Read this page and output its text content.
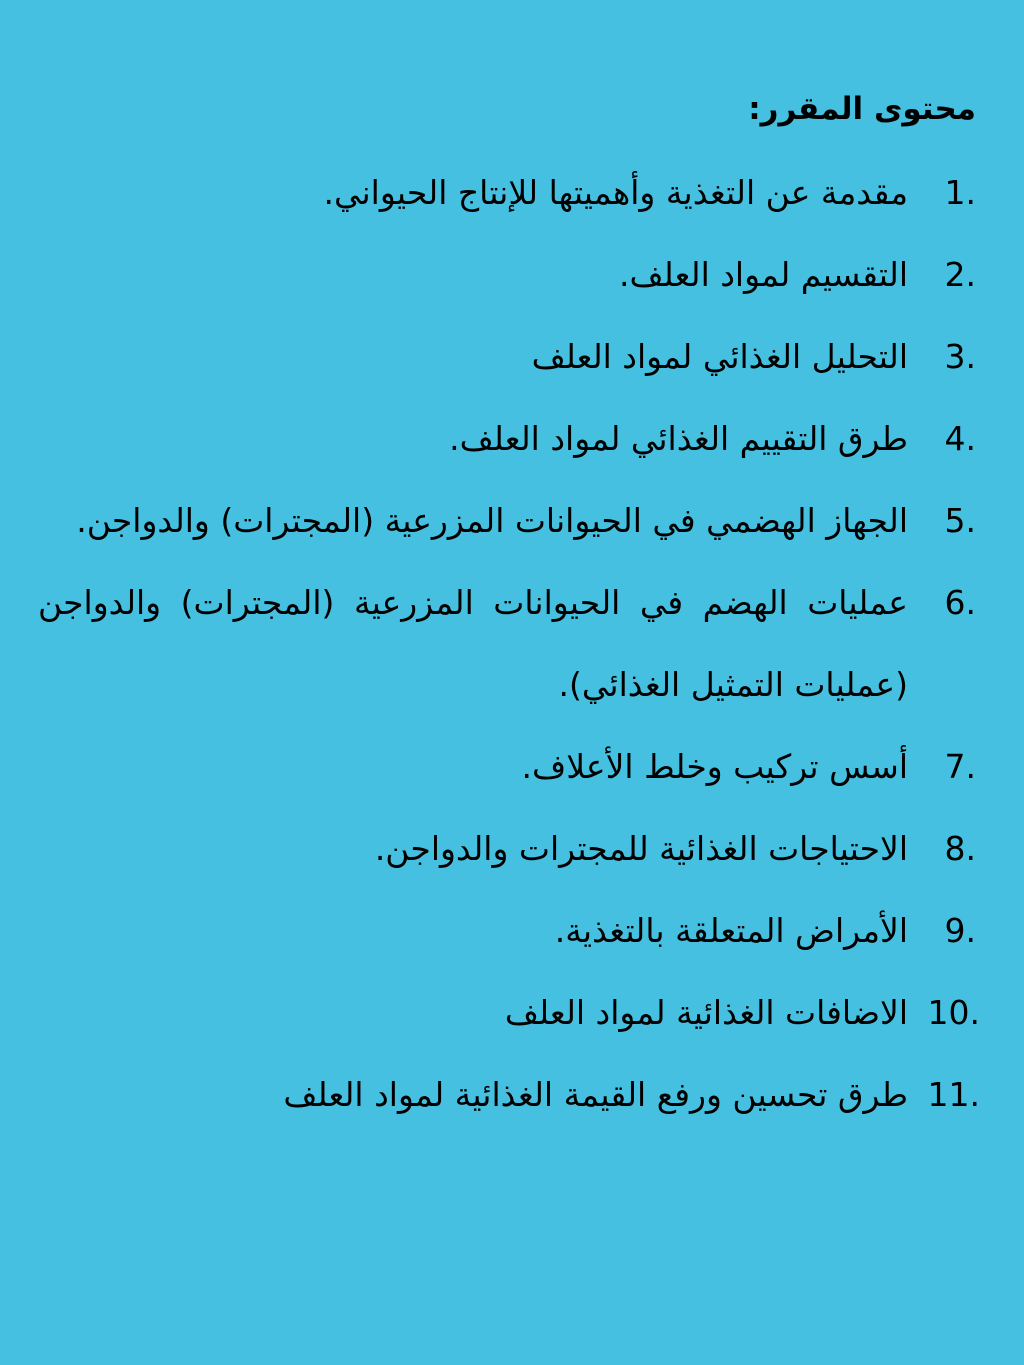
محتوى المقرر:
1.
مقدمة عن التغذية وأهميتها للإنتاج الحيواني.
2.
التقسيم لمواد العلف.
3.
التحليل الغذائي لمواد العلف
4.
طرق التقييم الغذائي لمواد العلف.
5.
الجهاز الهضمي في الحيوانات المزرعية (المجترات) والدواجن.
6.
عمليات الهضم في الحيوانات المزرعية (المجترات) والدواجن (عمليات التمثيل الغذائي).
7.
أسس تركيب وخلط الأعلاف.
8.
الاحتياجات الغذائية للمجترات والدواجن.
9.
الأمراض المتعلقة بالتغذية.
10.
الاضافات الغذائية لمواد العلف
11.
طرق تحسين ورفع القيمة الغذائية لمواد العلف
